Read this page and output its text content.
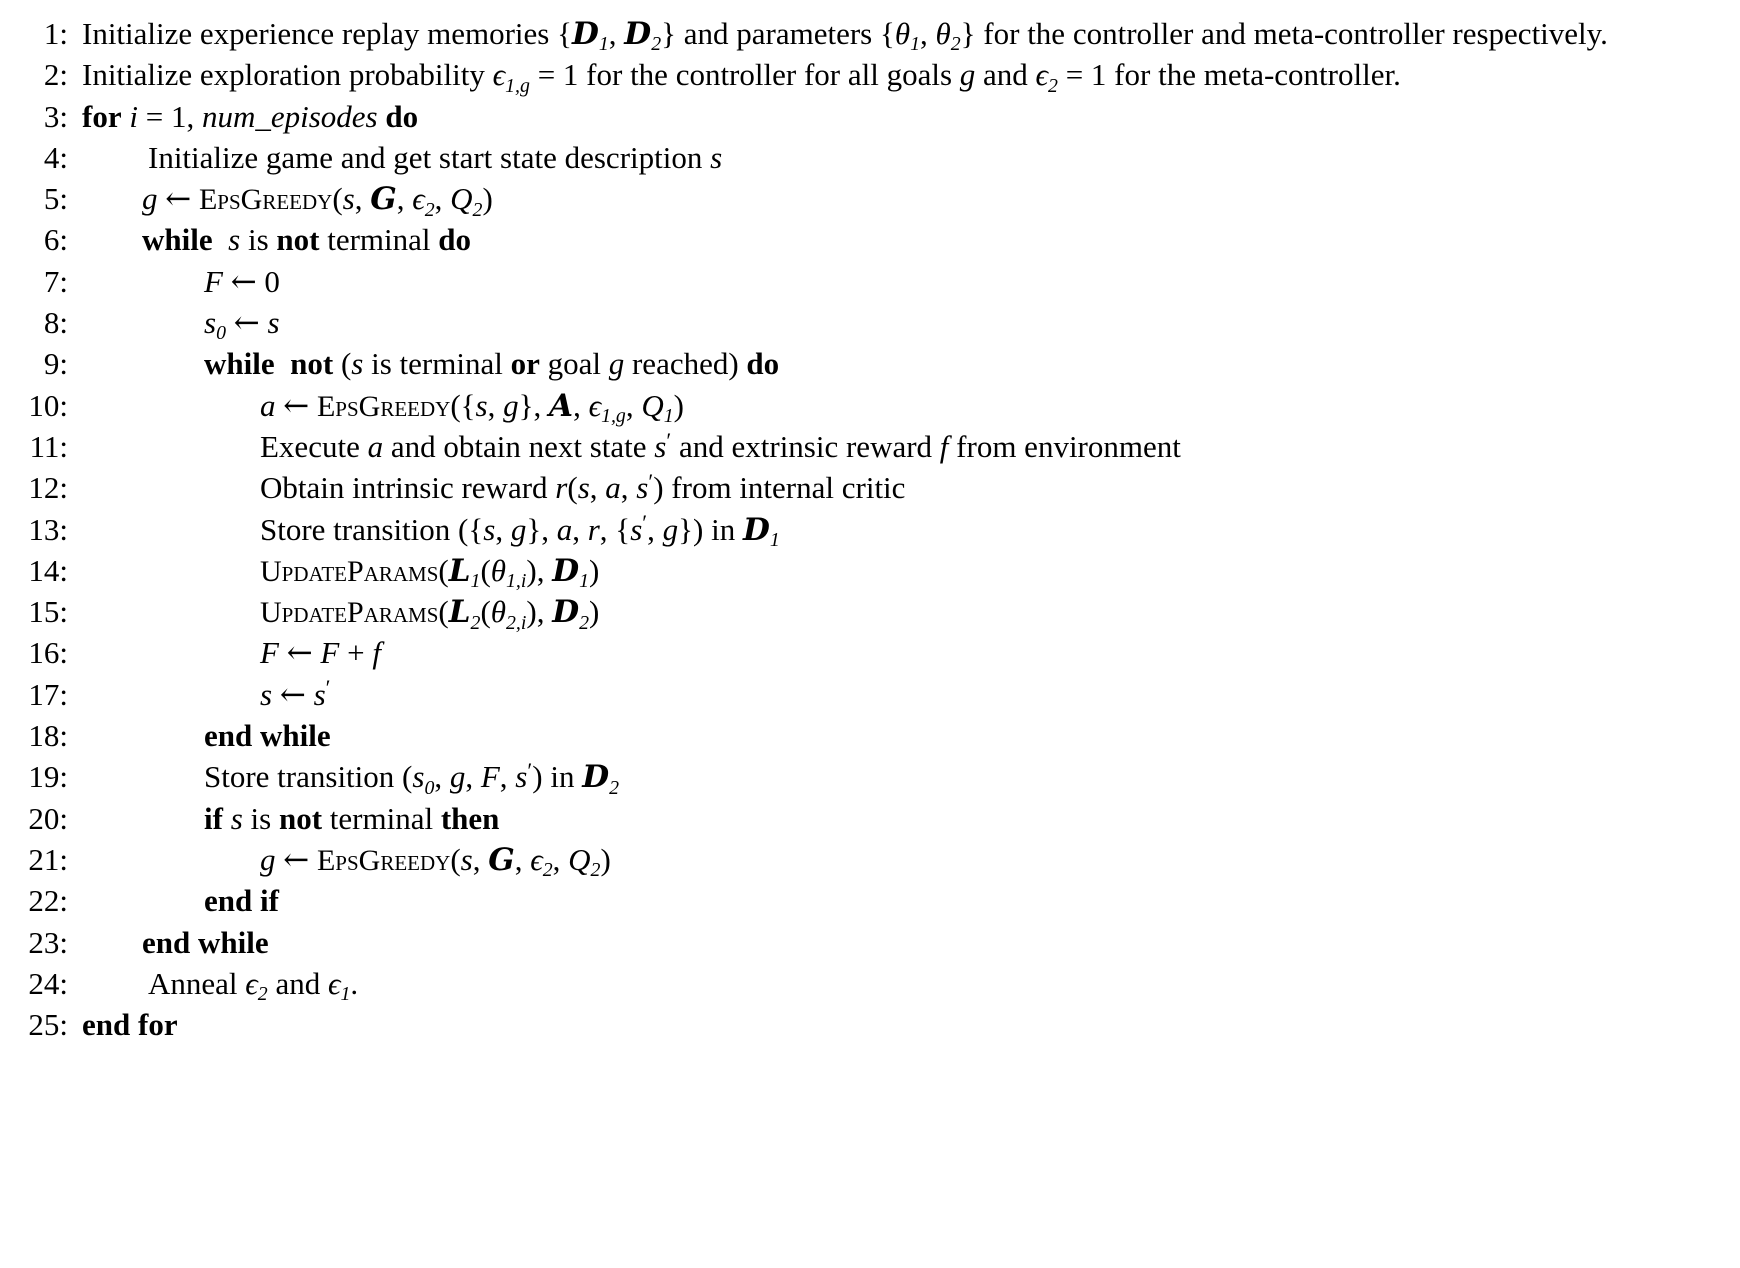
1: Initialize experience replay memories {$D_1$, $D_2$} and parameters {$\theta_1$, $\theta_2$} for the controller and meta-controller respectively.
2: Initialize exploration probability $\epsilon_{1,g} = 1$ for the controller for all goals g and $\epsilon_2 = 1$ for the meta-controller.
3: for i = 1, num_episodes do
4:	Initialize game and get start state description s
5:	g ← EpsGreedy(s, G, $\epsilon_2$, $Q_2$)
6:	while s is not terminal do
7:	F ← 0
8:	$s_0$ ← s
9:	while not (s is terminal or goal g reached) do
10:	a ← EpsGreedy({s, g}, A, $\epsilon_{1,g}$, $Q_1$)
11:	Execute a and obtain next state s′ and extrinsic reward f from environment
12:	Obtain intrinsic reward r(s, a, s′) from internal critic
13:	Store transition ({s, g}, a, r, {s′, g}) in $D_1$
14:	$UpdateParams(L_1(\theta_{1,i})$, $D_1$)
15:	$UpdateParams(L_2(\theta_{2,i})$, $D_2$)
16:	F ← F + f
17:	s ← s′
18:	end while
19:	Store transition ($s_0$, g, F, s′) in $D_2$
20:	if s is not terminal then
21:	g ← EpsGreedy(s, G, $\epsilon_2$, $Q_2$)
22:	end if
23:	end while
24:	Anneal $\epsilon_2$ and $\epsilon_1$.
25: end for
